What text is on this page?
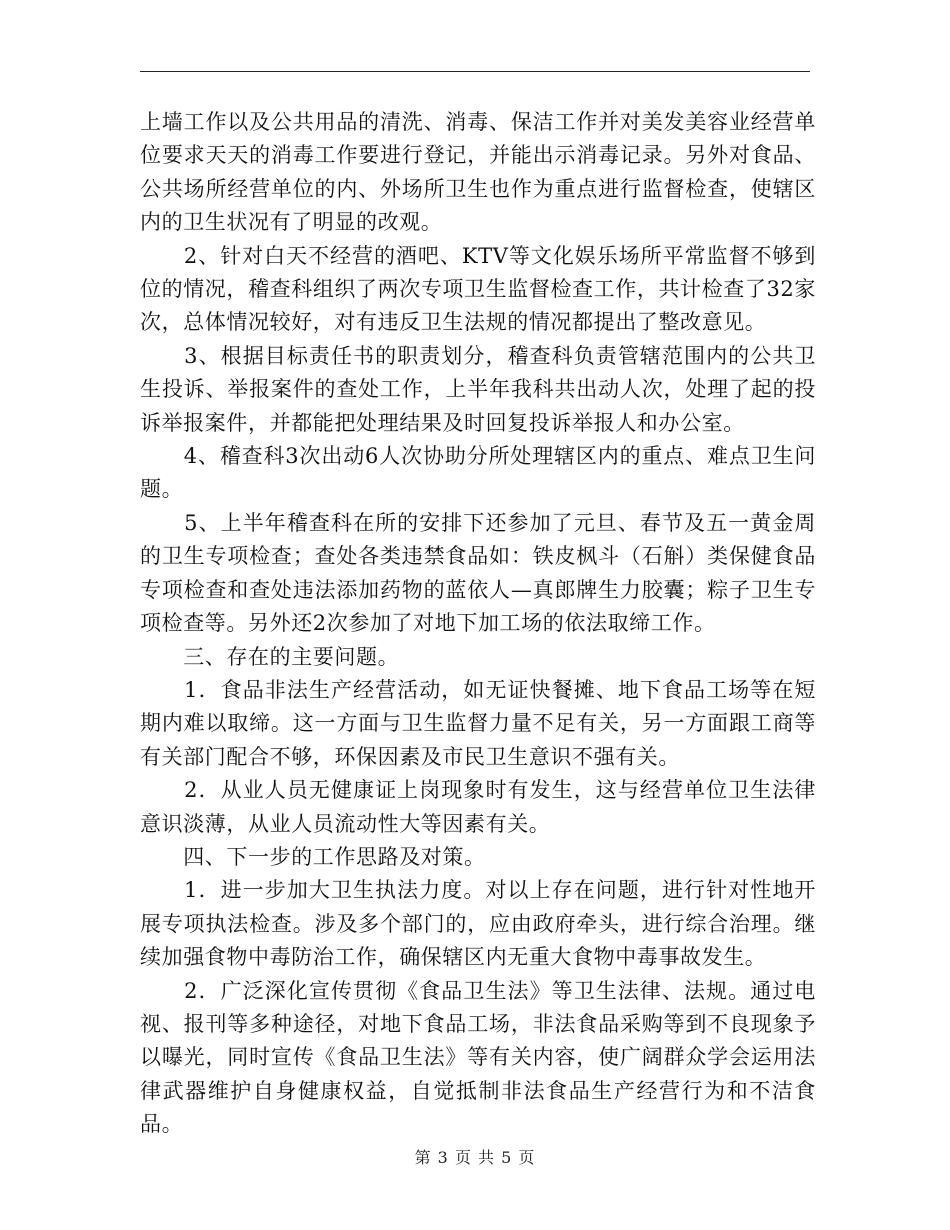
上墙工作以及公共用品的清洗、消毒、保洁工作并对美发美容业经营单位要求天天的消毒工作要进行登记，并能出示消毒记录。另外对食品、公共场所经营单位的内、外场所卫生也作为重点进行监督检查，使辖区内的卫生状况有了明显的改观。

　　2、针对白天不经营的酒吧、KTV等文化娱乐场所平常监督不够到位的情况，稽查科组织了两次专项卫生监督检查工作，共计检查了32家次，总体情况较好，对有违反卫生法规的情况都提出了整改意见。

　　3、根据目标责任书的职责划分，稽查科负责管辖范围内的公共卫生投诉、举报案件的查处工作，上半年我科共出动人次，处理了起的投诉举报案件，并都能把处理结果及时回复投诉举报人和办公室。

　　4、稽查科3次出动6人次协助分所处理辖区内的重点、难点卫生问题。

　　5、上半年稽查科在所的安排下还参加了元旦、春节及五一黄金周的卫生专项检查；查处各类违禁食品如：铁皮枫斗（石斛）类保健食品专项检查和查处违法添加药物的蓝依人—真郎牌生力胶囊；粽子卫生专项检查等。另外还2次参加了对地下加工场的依法取缔工作。

　　三、存在的主要问题。

　　1．食品非法生产经营活动，如无证快餐摊、地下食品工场等在短期内难以取缔。这一方面与卫生监督力量不足有关，另一方面跟工商等有关部门配合不够，环保因素及市民卫生意识不强有关。

　　2．从业人员无健康证上岗现象时有发生，这与经营单位卫生法律意识淡薄，从业人员流动性大等因素有关。

　　四、下一步的工作思路及对策。

　　1．进一步加大卫生执法力度。对以上存在问题，进行针对性地开展专项执法检查。涉及多个部门的，应由政府牵头，进行综合治理。继续加强食物中毒防治工作，确保辖区内无重大食物中毒事故发生。

　　2．广泛深化宣传贯彻《食品卫生法》等卫生法律、法规。通过电视、报刊等多种途径，对地下食品工场，非法食品采购等到不良现象予以曝光，同时宣传《食品卫生法》等有关内容，使广阔群众学会运用法律武器维护自身健康权益，自觉抵制非法食品生产经营行为和不洁食品。

第 3 页 共 5 页
